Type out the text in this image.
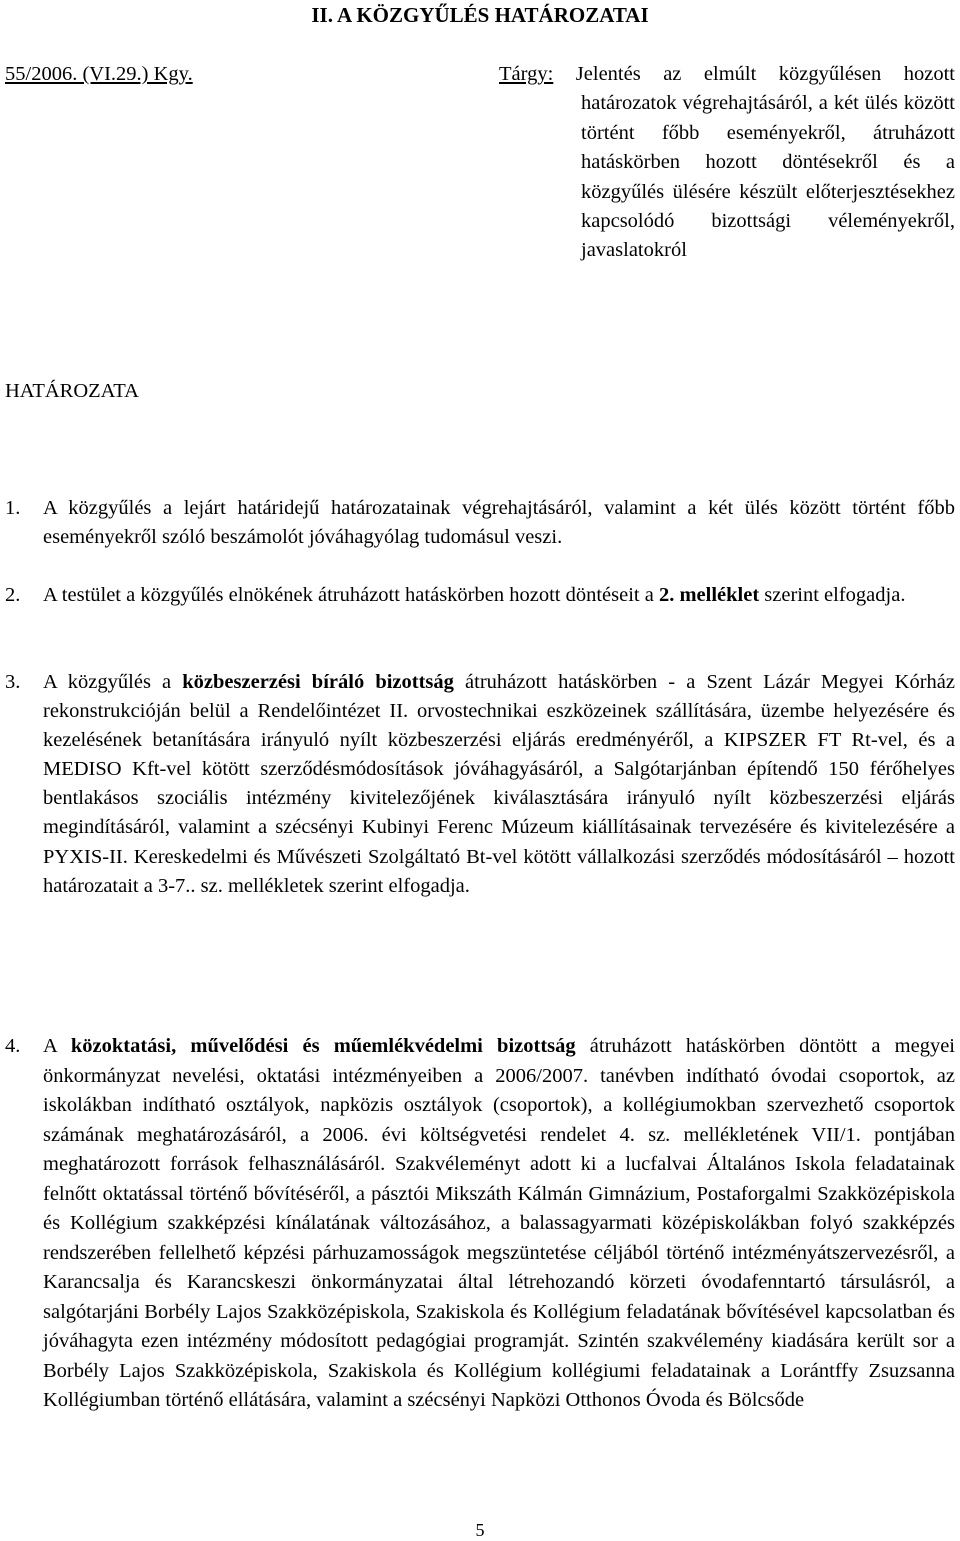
II. A KÖZGYŰLÉS HATÁROZATAI
55/2006. (VI.29.) Kgy.	Tárgy: Jelentés az elmúlt közgyűlésen hozott határozatok végrehajtásáról, a két ülés között történt főbb eseményekről, átruházott hatáskörben hozott döntésekről és a közgyűlés ülésére készült előterjesztésekhez kapcsolódó bizottsági véleményekről, javaslatokról
HATÁROZATA
1. A közgyűlés a lejárt határidejű határozatainak végrehajtásáról, valamint a két ülés között történt főbb eseményekről szóló beszámolót jóváhagyólag tudomásul veszi.
2. A testület a közgyűlés elnökének átruházott hatáskörben hozott döntéseit a 2. melléklet szerint elfogadja.
3. A közgyűlés a közbeszerzési bíráló bizottság átruházott hatáskörben - a Szent Lázár Megyei Kórház rekonstrukcióján belül a Rendelőintézet II. orvostechnikai eszközeinek szállítására, üzembe helyezésére és kezelésének betanítására irányuló nyílt közbeszerzési eljárás eredményéről, a KIPSZER FT Rt-vel, és a MEDISO Kft-vel kötött szerződésmódosítások jóváhagyásáról, a Salgótarjánban építendő 150 férőhelyes bentlakásos szociális intézmény kivitelezőjének kiválasztására irányuló nyílt közbeszerzési eljárás megindításáról, valamint a szécsényi Kubinyi Ferenc Múzeum kiállításainak tervezésére és kivitelezésére a PYXIS-II. Kereskedelmi és Művészeti Szolgáltató Bt-vel kötött vállalkozási szerződés módosításáról – hozott határozatait a 3-7.. sz. mellékletek szerint elfogadja.
4. A közoktatási, művelődési és műemlékvédelmi bizottság átruházott hatáskörben döntött a megyei önkormányzat nevelési, oktatási intézményeiben a 2006/2007. tanévben indítható óvodai csoportok, az iskolákban indítható osztályok, napközis osztályok (csoportok), a kollégiumokban szervezhető csoportok számának meghatározásáról, a 2006. évi költségvetési rendelet 4. sz. mellékletének VII/1. pontjában meghatározott források felhasználásáról. Szakvéleményt adott ki a lucfalvai Általános Iskola feladatainak felnőtt oktatással történő bővítéséről, a pásztói Mikszáth Kálmán Gimnázium, Postaforgalmi Szakközépiskola és Kollégium szakképzési kínálatának változásához, a balassagyarmati középiskolákban folyó szakképzés rendszerében fellelhető képzési párhuzamosságok megszüntetése céljából történő intézményátszervezésről, a Karancsalja és Karancskeszi önkormányzatai által létrehozandó körzeti óvodafenntartó társulásról, a salgótarjáni Borbély Lajos Szakközépiskola, Szakiskola és Kollégium feladatának bővítésével kapcsolatban és jóváhagyta ezen intézmény módosított pedagógiai programját. Szintén szakvélemény kiadására került sor a Borbély Lajos Szakközépiskola, Szakiskola és Kollégium kollégiumi feladatainak a Lorántffy Zsuzsanna Kollégiumban történő ellátására, valamint a szécsényi Napközi Otthonos Óvoda és Bölcsőde
5
